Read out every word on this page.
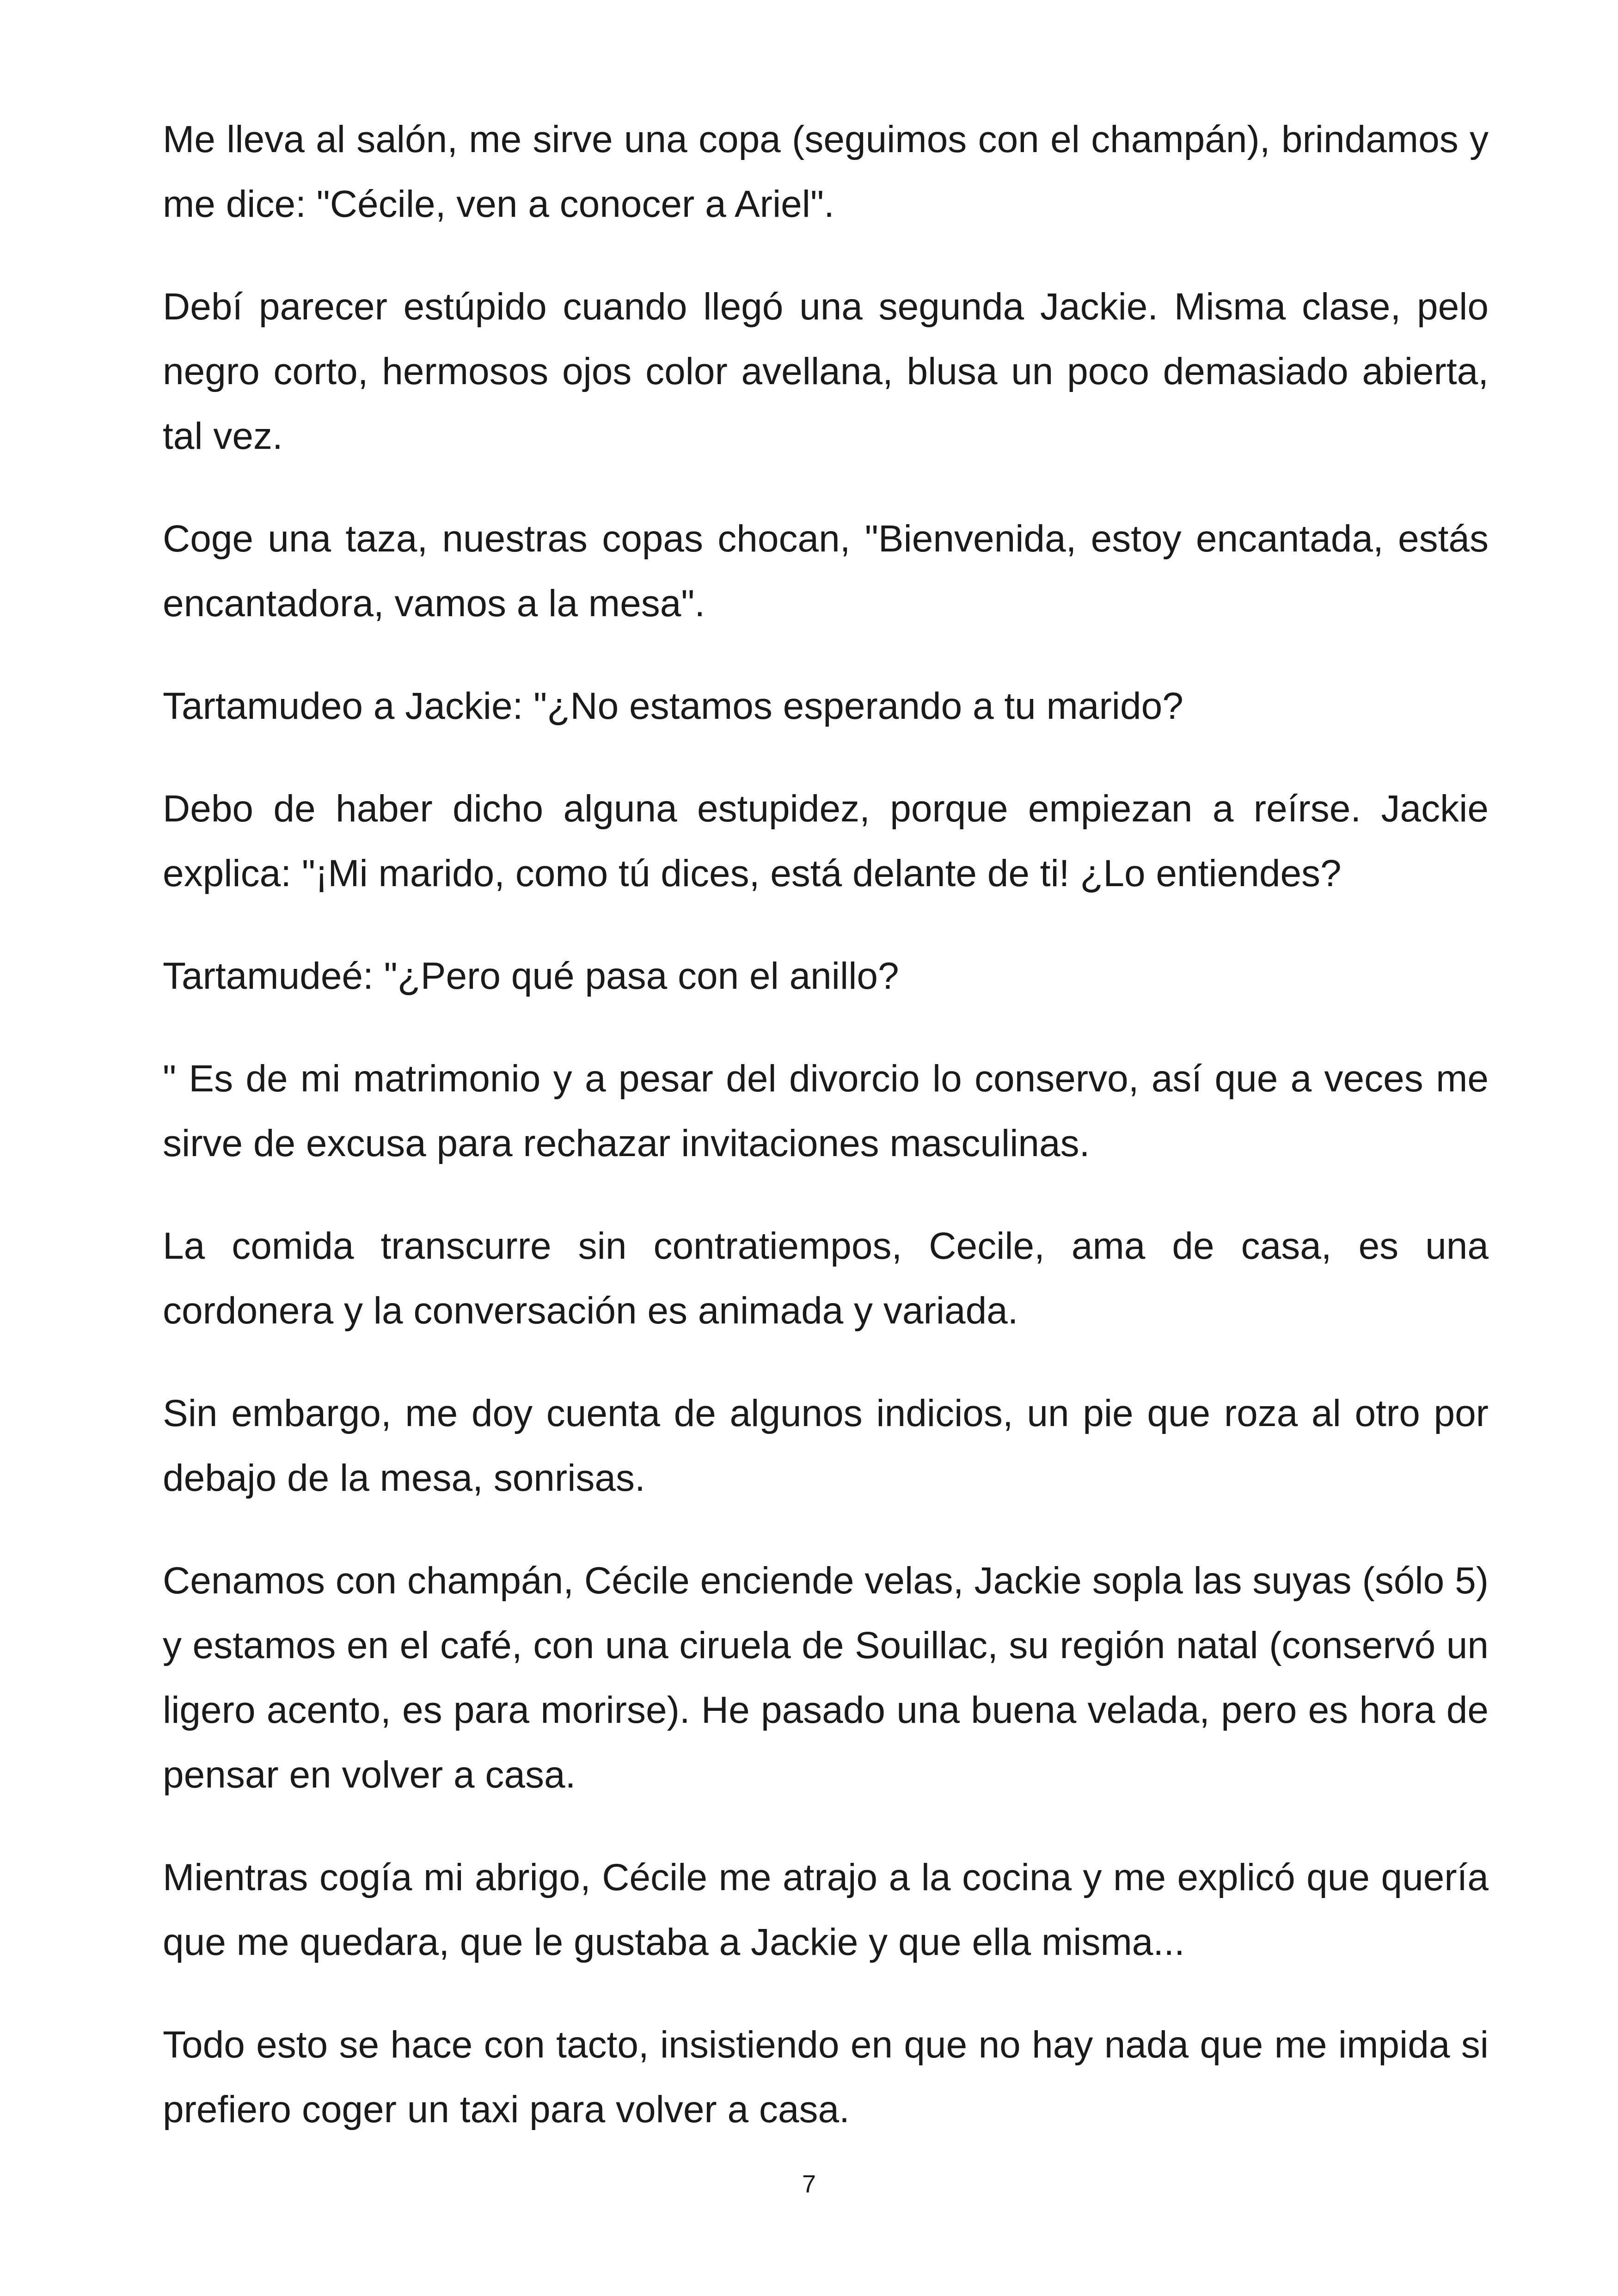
Me lleva al salón, me sirve una copa (seguimos con el champán), brindamos y me dice: "Cécile, ven a conocer a Ariel".

Debí parecer estúpido cuando llegó una segunda Jackie. Misma clase, pelo negro corto, hermosos ojos color avellana, blusa un poco demasiado abierta, tal vez.

Coge una taza, nuestras copas chocan, "Bienvenida, estoy encantada, estás encantadora, vamos a la mesa".

Tartamudeo a Jackie: "¿No estamos esperando a tu marido?

Debo de haber dicho alguna estupidez, porque empiezan a reírse. Jackie explica: "¡Mi marido, como tú dices, está delante de ti! ¿Lo entiendes?

Tartamudeé: "¿Pero qué pasa con el anillo?

" Es de mi matrimonio y a pesar del divorcio lo conservo, así que a veces me sirve de excusa para rechazar invitaciones masculinas.

La comida transcurre sin contratiempos, Cecile, ama de casa, es una cordonera y la conversación es animada y variada.

Sin embargo, me doy cuenta de algunos indicios, un pie que roza al otro por debajo de la mesa, sonrisas.

Cenamos con champán, Cécile enciende velas, Jackie sopla las suyas (sólo 5) y estamos en el café, con una ciruela de Souillac, su región natal (conservó un ligero acento, es para morirse). He pasado una buena velada, pero es hora de pensar en volver a casa.

Mientras cogía mi abrigo, Cécile me atrajo a la cocina y me explicó que quería que me quedara, que le gustaba a Jackie y que ella misma...

Todo esto se hace con tacto, insistiendo en que no hay nada que me impida si prefiero coger un taxi para volver a casa.

7
